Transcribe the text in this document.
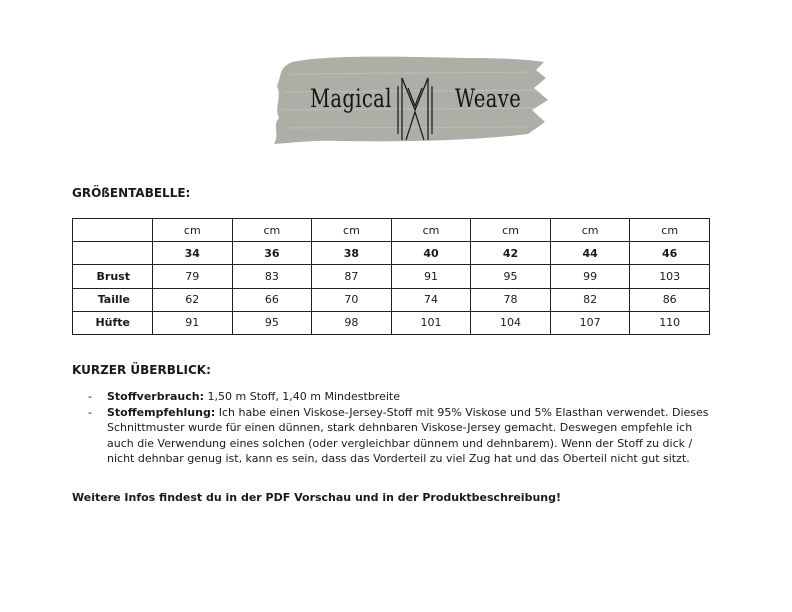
Magical	Weave
GRÖßENTABELLE:
	cm	cm	cm	cm	cm	cm	cm
	34	36	38	40	42	44	46
Brust	79	83	87	91	95	99	103
Taille	62	66	70	74	78	82	86
Hüfte	91	95	98	101	104	107	110
KURZER ÜBERBLICK:
- Stoffverbrauch: 1,50 m Stoff, 1,40 m Mindestbreite
- Stoffempfehlung: Ich habe einen Viskose-Jersey-Stoff mit 95% Viskose und 5% Elasthan verwendet. Dieses Schnittmuster wurde für einen dünnen, stark dehnbaren Viskose-Jersey gemacht. Deswegen empfehle ich auch die Verwendung eines solchen (oder vergleichbar dünnem und dehnbarem). Wenn der Stoff zu dick / nicht dehnbar genug ist, kann es sein, dass das Vorderteil zu viel Zug hat und das Oberteil nicht gut sitzt.
Weitere Infos findest du in der PDF Vorschau und in der Produktbeschreibung!
